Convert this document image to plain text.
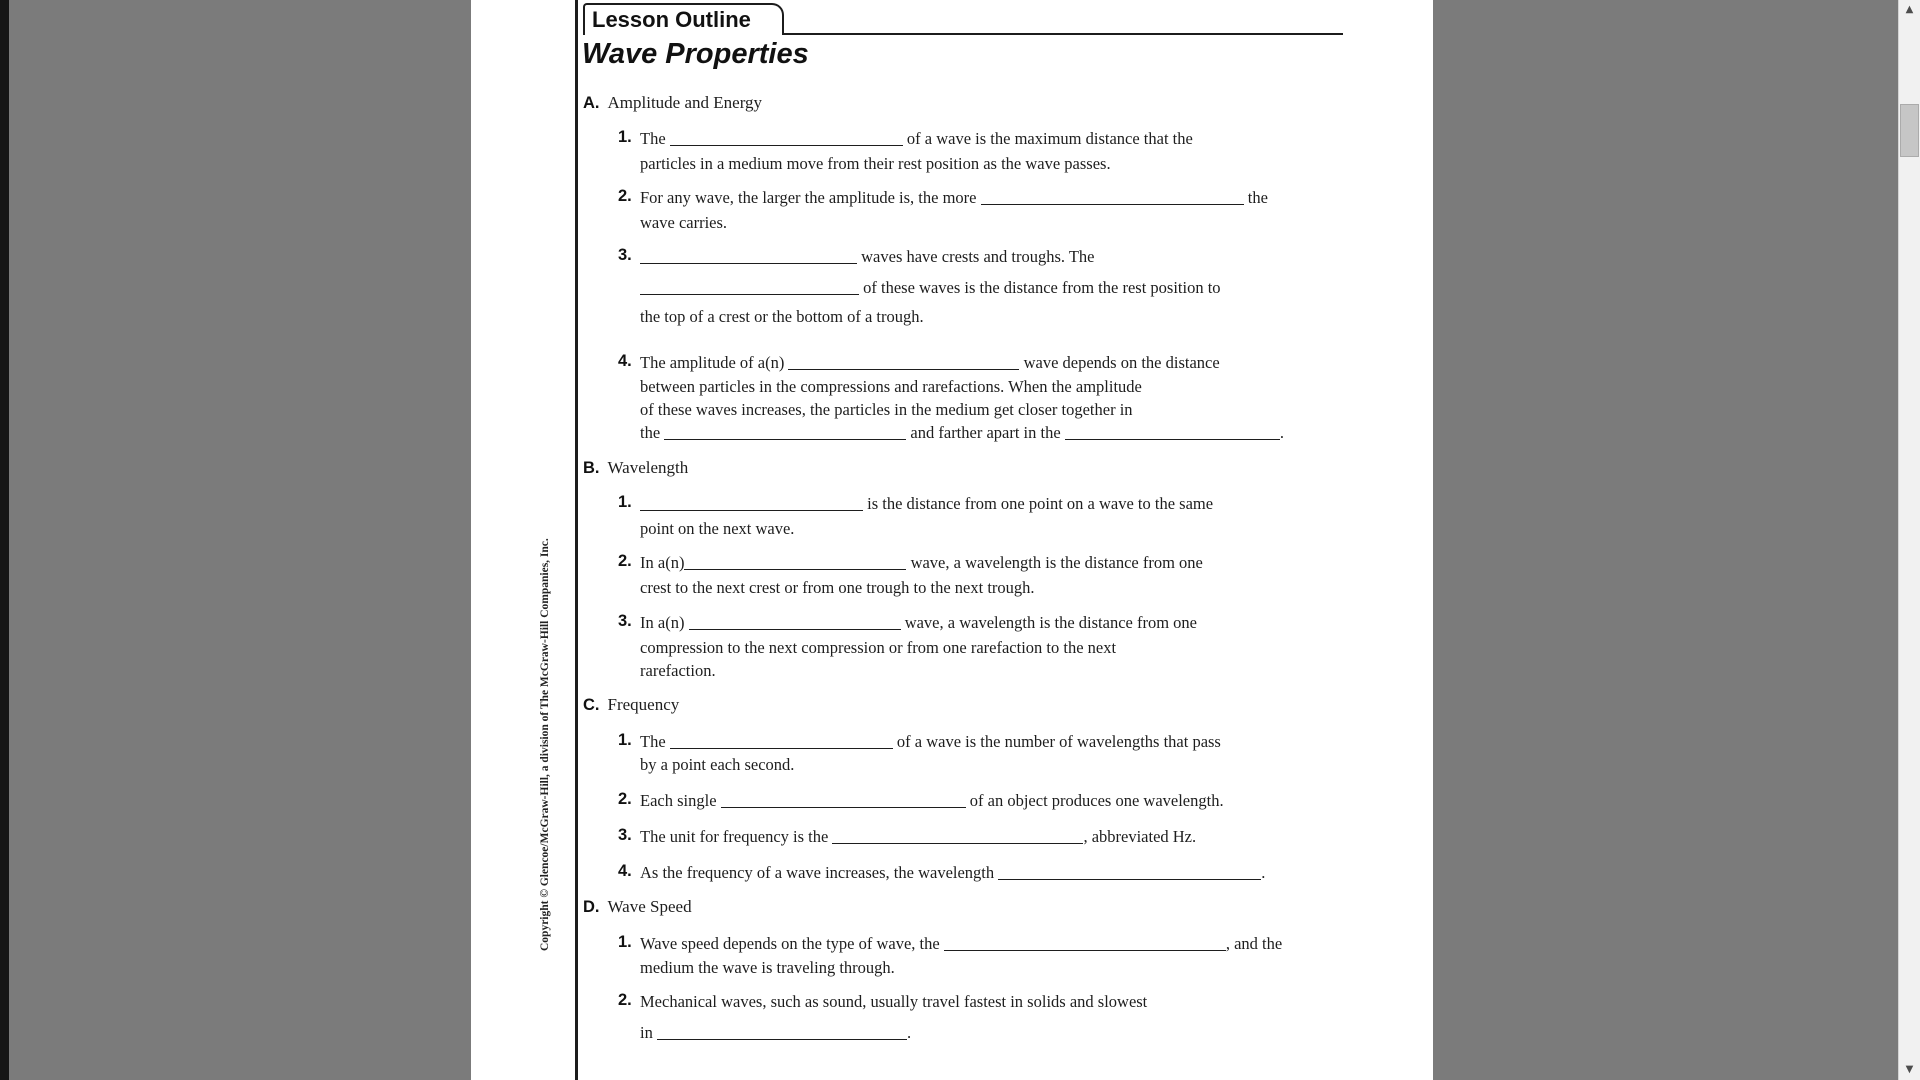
Lesson Outline
Wave Properties
Copyright © Glencoe/McGraw-Hill, a division of The McGraw-Hill Companies, Inc.
A. Amplitude and Energy
1. The	of a wave is the maximum distance that the
particles in a medium move from their rest position as the wave passes.
2. For any wave, the larger the amplitude is, the more	the
wave carries.
3.	waves have crests and troughs. The
of these waves is the distance from the rest position to
the top of a crest or the bottom of a trough.
4. The amplitude of a(n)	wave depends on the distance
between particles in the compressions and rarefactions. When the amplitude
of these waves increases, the particles in the medium get closer together in
the	and farther apart in the	.
B. Wavelength
1.	is the distance from one point on a wave to the same
point on the next wave.
2. In a(n)	wave, a wavelength is the distance from one
crest to the next crest or from one trough to the next trough.
3. In a(n)	wave, a wavelength is the distance from one
compression to the next compression or from one rarefaction to the next
rarefaction.
C. Frequency
1. The	of a wave is the number of wavelengths that pass
by a point each second.
2. Each single	of an object produces one wavelength.
3. The unit for frequency is the	, abbreviated Hz.
4. As the frequency of a wave increases, the wavelength	.
D. Wave Speed
1. Wave speed depends on the type of wave, the	, and the
medium the wave is traveling through.
2. Mechanical waves, such as sound, usually travel fastest in solids and slowest
in	.
▲
▼
